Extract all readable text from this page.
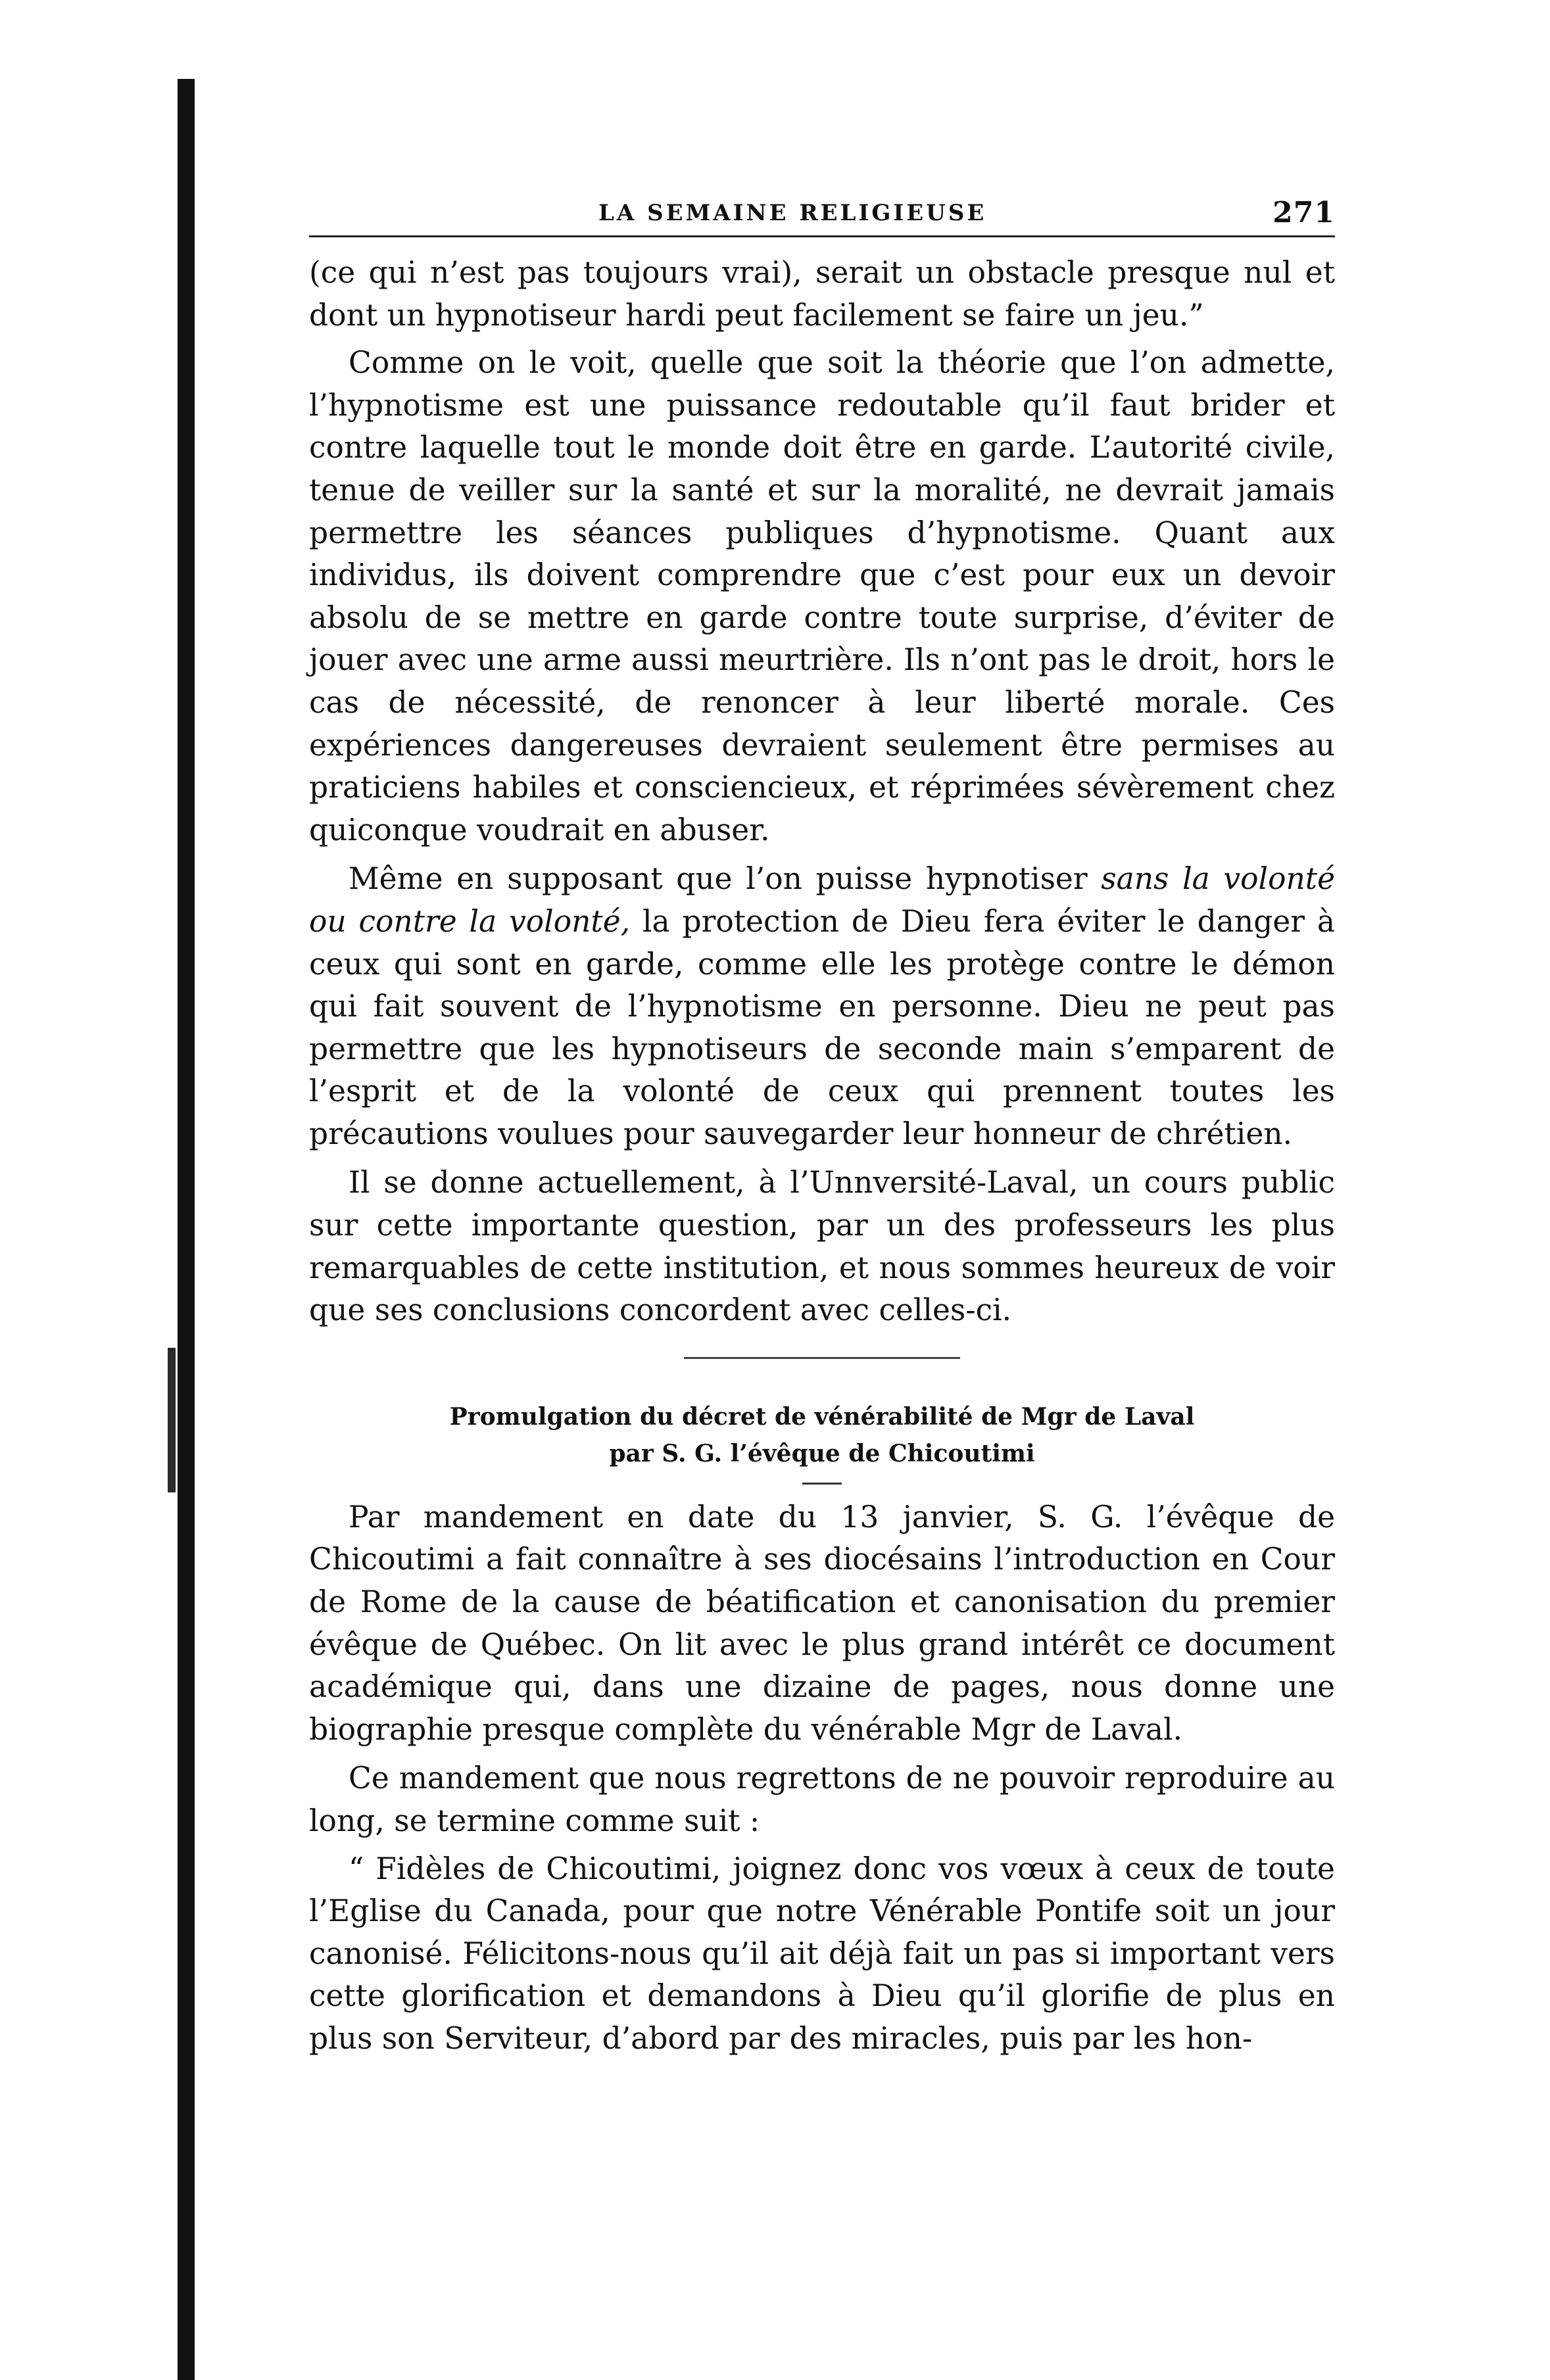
LA SEMAINE RELIGIEUSE	271

(ce qui n’est pas toujours vrai), serait un obstacle presque nul et dont un hypnotiseur hardi peut facilement se faire un jeu.”

Comme on le voit, quelle que soit la théorie que l’on admette, l’hypnotisme est une puissance redoutable qu’il faut brider et contre laquelle tout le monde doit être en garde. L’autorité civile, tenue de veiller sur la santé et sur la moralité, ne devrait jamais permettre les séances publiques d’hypnotisme. Quant aux individus, ils doivent comprendre que c’est pour eux un devoir absolu de se mettre en garde contre toute surprise, d’éviter de jouer avec une arme aussi meurtrière. Ils n’ont pas le droit, hors le cas de nécessité, de renoncer à leur liberté morale. Ces expériences dangereuses devraient seulement être permises au praticiens habiles et consciencieux, et réprimées sévèrement chez quiconque voudrait en abuser.

Même en supposant que l’on puisse hypnotiser sans la volonté ou contre la volonté, la protection de Dieu fera éviter le danger à ceux qui sont en garde, comme elle les protège contre le démon qui fait souvent de l’hypnotisme en personne. Dieu ne peut pas permettre que les hypnotiseurs de seconde main s’emparent de l’esprit et de la volonté de ceux qui prennent toutes les précautions voulues pour sauvegarder leur honneur de chrétien.

Il se donne actuellement, à l’Unnversité-Laval, un cours public sur cette importante question, par un des professeurs les plus remarquables de cette institution, et nous sommes heureux de voir que ses conclusions concordent avec celles-ci.

Promulgation du décret de vénérabilité de Mgr de Laval

par S. G. l’évêque de Chicoutimi

Par mandement en date du 13 janvier, S. G. l’évêque de Chicoutimi a fait connaître à ses diocésains l’introduction en Cour de Rome de la cause de béatification et canonisation du premier évêque de Québec. On lit avec le plus grand intérêt ce document académique qui, dans une dizaine de pages, nous donne une biographie presque complète du vénérable Mgr de Laval.

Ce mandement que nous regrettons de ne pouvoir reproduire au long, se termine comme suit :

“ Fidèles de Chicoutimi, joignez donc vos vœux à ceux de toute l’Eglise du Canada, pour que notre Vénérable Pontife soit un jour canonisé. Félicitons-nous qu’il ait déjà fait un pas si important vers cette glorification et demandons à Dieu qu’il glorifie de plus en plus son Serviteur, d’abord par des miracles, puis par les hon-
